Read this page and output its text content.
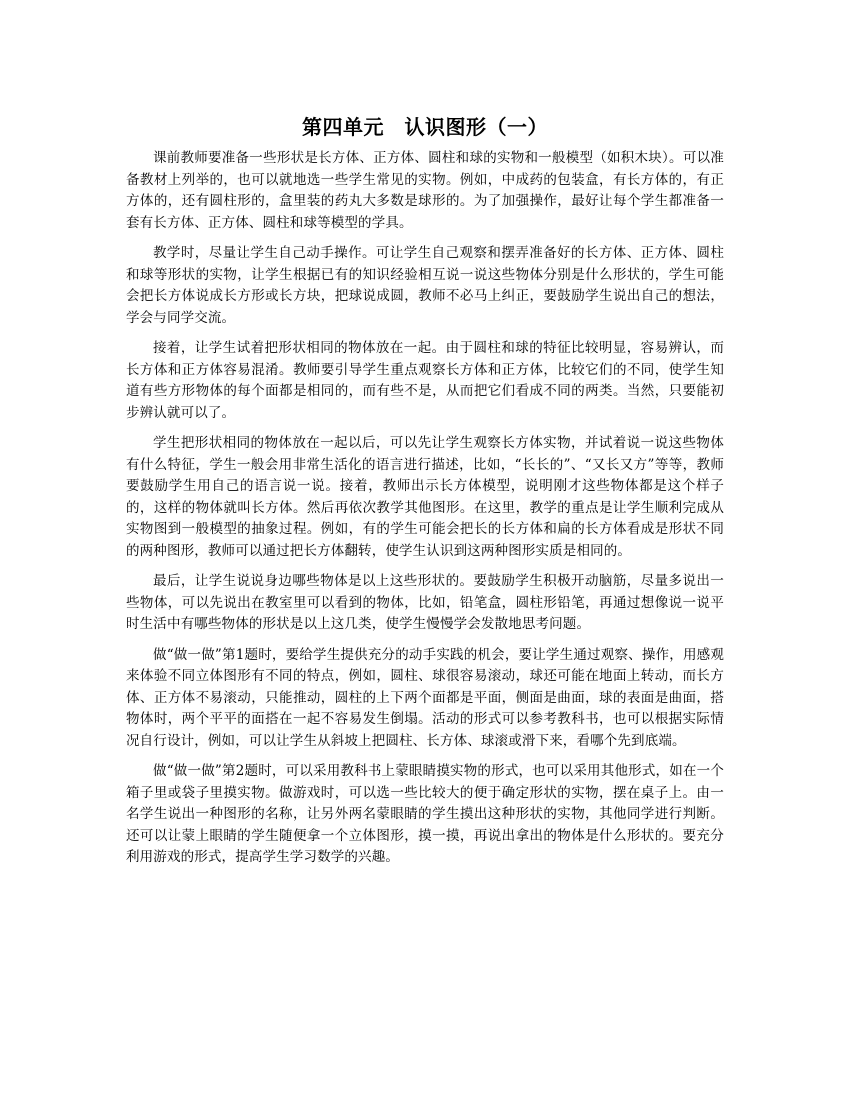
第四单元　认识图形（一）

课前教师要准备一些形状是长方体、正方体、圆柱和球的实物和一般模型（如积木块）。可以准备教材上列举的，也可以就地选一些学生常见的实物。例如，中成药的包装盒，有长方体的，有正方体的，还有圆柱形的，盒里装的药丸大多数是球形的。为了加强操作，最好让每个学生都准备一套有长方体、正方体、圆柱和球等模型的学具。

教学时，尽量让学生自己动手操作。可让学生自己观察和摆弄准备好的长方体、正方体、圆柱和球等形状的实物，让学生根据已有的知识经验相互说一说这些物体分别是什么形状的，学生可能会把长方体说成长方形或长方块，把球说成圆，教师不必马上纠正，要鼓励学生说出自己的想法，学会与同学交流。

接着，让学生试着把形状相同的物体放在一起。由于圆柱和球的特征比较明显，容易辨认，而长方体和正方体容易混淆。教师要引导学生重点观察长方体和正方体，比较它们的不同，使学生知道有些方形物体的每个面都是相同的，而有些不是，从而把它们看成不同的两类。当然，只要能初步辨认就可以了。

学生把形状相同的物体放在一起以后，可以先让学生观察长方体实物，并试着说一说这些物体有什么特征，学生一般会用非常生活化的语言进行描述，比如，“长长的”、“又长又方”等等，教师要鼓励学生用自己的语言说一说。接着，教师出示长方体模型，说明刚才这些物体都是这个样子的，这样的物体就叫长方体。然后再依次教学其他图形。在这里，教学的重点是让学生顺利完成从实物图到一般模型的抽象过程。例如，有的学生可能会把长的长方体和扁的长方体看成是形状不同的两种图形，教师可以通过把长方体翻转，使学生认识到这两种图形实质是相同的。

最后，让学生说说身边哪些物体是以上这些形状的。要鼓励学生积极开动脑筋，尽量多说出一些物体，可以先说出在教室里可以看到的物体，比如，铅笔盒，圆柱形铅笔，再通过想像说一说平时生活中有哪些物体的形状是以上这几类，使学生慢慢学会发散地思考问题。

做“做一做”第1题时，要给学生提供充分的动手实践的机会，要让学生通过观察、操作，用感观来体验不同立体图形有不同的特点，例如，圆柱、球很容易滚动，球还可能在地面上转动，而长方体、正方体不易滚动，只能推动，圆柱的上下两个面都是平面，侧面是曲面，球的表面是曲面，搭物体时，两个平平的面搭在一起不容易发生倒塌。活动的形式可以参考教科书，也可以根据实际情况自行设计，例如，可以让学生从斜坡上把圆柱、长方体、球滚或滑下来，看哪个先到底端。

做“做一做”第2题时，可以采用教科书上蒙眼睛摸实物的形式，也可以采用其他形式，如在一个箱子里或袋子里摸实物。做游戏时，可以选一些比较大的便于确定形状的实物，摆在桌子上。由一名学生说出一种图形的名称，让另外两名蒙眼睛的学生摸出这种形状的实物，其他同学进行判断。还可以让蒙上眼睛的学生随便拿一个立体图形，摸一摸，再说出拿出的物体是什么形状的。要充分利用游戏的形式，提高学生学习数学的兴趣。
